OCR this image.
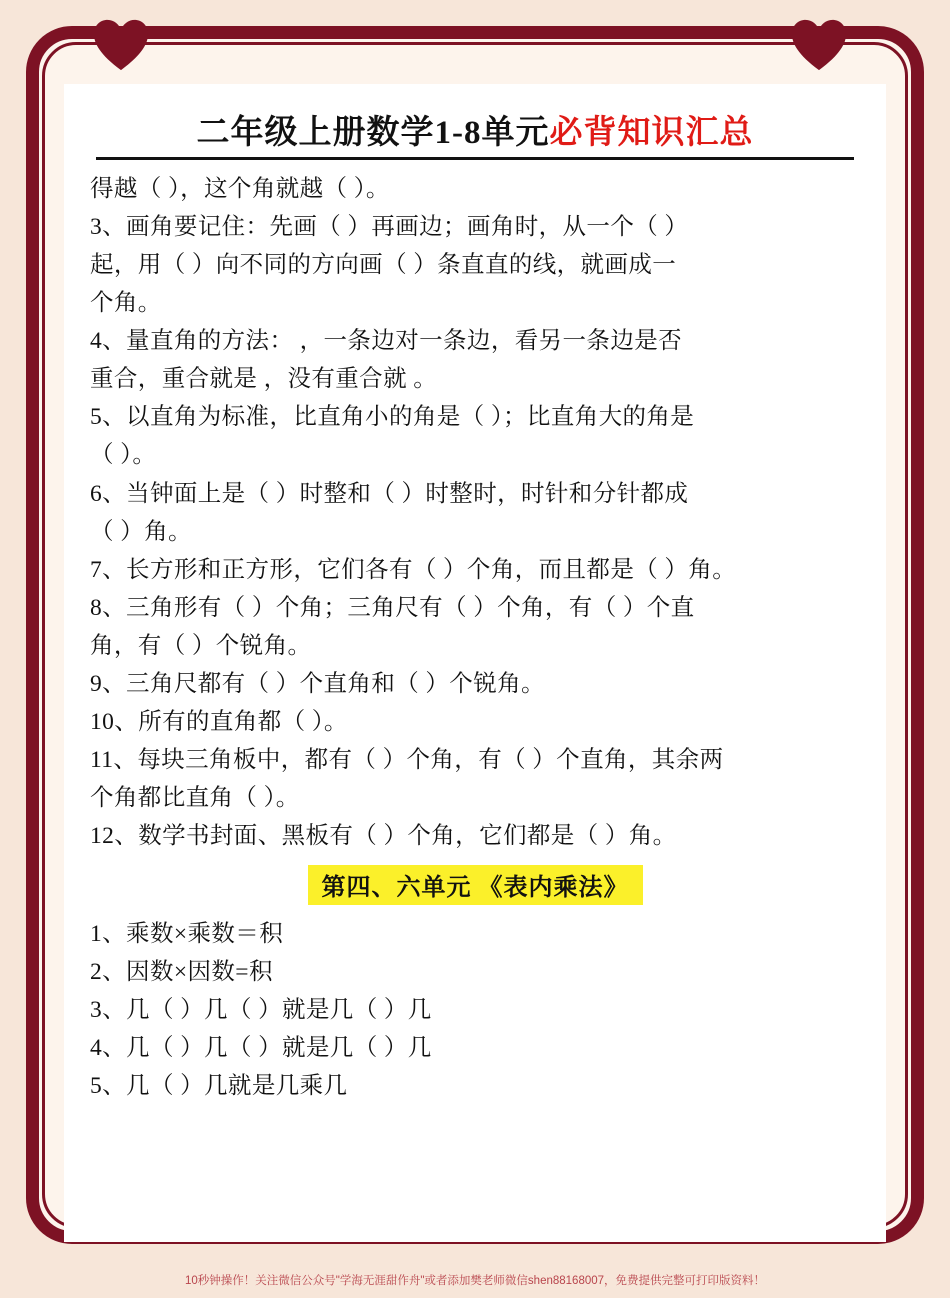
二年级上册数学1-8单元必背知识汇总

得越（ ），这个角就越（ ）。

3、画角要记住：先画（ ）再画边；画角时，从一个（ ）

起，用（ ）向不同的方向画（ ）条直直的线，就画成一

个角。

4、量直角的方法： ，一条边对一条边，看另一条边是否

重合，重合就是 ，没有重合就 。

5、以直角为标准，比直角小的角是（ ）；比直角大的角是

（ ）。

6、当钟面上是（ ）时整和（ ）时整时，时针和分针都成

（ ）角。

7、长方形和正方形，它们各有（ ）个角，而且都是（ ）角。

8、三角形有（ ）个角；三角尺有（ ）个角，有（ ）个直

角，有（ ）个锐角。

9、三角尺都有（ ）个直角和（ ）个锐角。

10、所有的直角都（ ）。

11、每块三角板中，都有（ ）个角，有（ ）个直角，其余两

个角都比直角（ ）。

12、数学书封面、黑板有（ ）个角，它们都是（ ）角。

第四、六单元 《表内乘法》

1、乘数×乘数＝积

2、因数×因数=积

3、几（ ）几（ ）就是几（ ）几

4、几（ ）几（ ）就是几（ ）几

5、几（ ）几就是几乘几

10秒钟操作！关注微信公众号"学海无涯甜作舟"或者添加樊老师微信shen88168007，免费提供完整可打印版资料！
